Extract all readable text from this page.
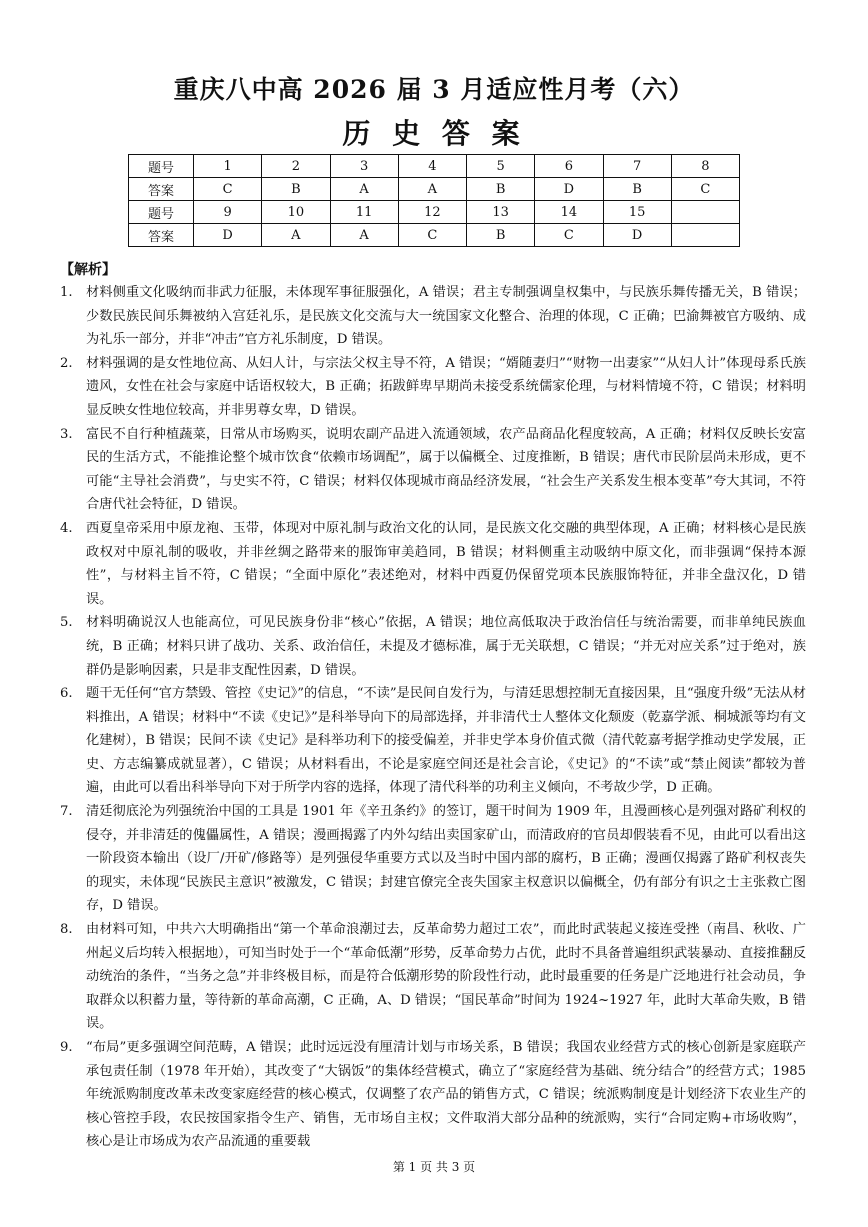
重庆八中高 2026 届 3 月适应性月考（六）
历 史 答 案
题号	1	2	3	4	5	6	7	8
答案	C	B	A	A	B	D	B	C
题号	9	10	11	12	13	14	15	
答案	D	A	A	C	B	C	D	
【解析】

1. 材料侧重文化吸纳而非武力征服，未体现军事征服强化，A 错误；君主专制强调皇权集中，与民族乐舞传播无关，B 错误；少数民族民间乐舞被纳入宫廷礼乐，是民族文化交流与大一统国家文化整合、治理的体现，C 正确；巴渝舞被官方吸纳、成为礼乐一部分，并非“冲击”官方礼乐制度，D 错误。

2. 材料强调的是女性地位高、从妇人计，与宗法父权主导不符，A 错误；“婿随妻归”“财物一出妻家”“从妇人计”体现母系氏族遗风，女性在社会与家庭中话语权较大，B 正确；拓跋鲜卑早期尚未接受系统儒家伦理，与材料情境不符，C 错误；材料明显反映女性地位较高，并非男尊女卑，D 错误。

3. 富民不自行种植蔬菜，日常从市场购买，说明农副产品进入流通领域，农产品商品化程度较高，A 正确；材料仅反映长安富民的生活方式，不能推论整个城市饮食“依赖市场调配”，属于以偏概全、过度推断，B 错误；唐代市民阶层尚未形成，更不可能“主导社会消费”，与史实不符，C 错误；材料仅体现城市商品经济发展，“社会生产关系发生根本变革”夸大其词，不符合唐代社会特征，D 错误。

4. 西夏皇帝采用中原龙袍、玉带，体现对中原礼制与政治文化的认同，是民族文化交融的典型体现，A 正确；材料核心是民族政权对中原礼制的吸收，并非丝绸之路带来的服饰审美趋同，B 错误；材料侧重主动吸纳中原文化，而非强调“保持本源性”，与材料主旨不符，C 错误；“全面中原化”表述绝对，材料中西夏仍保留党项本民族服饰特征，并非全盘汉化，D 错误。

5. 材料明确说汉人也能高位，可见民族身份非“核心”依据，A 错误；地位高低取决于政治信任与统治需要，而非单纯民族血统，B 正确；材料只讲了战功、关系、政治信任，未提及才德标准，属于无关联想，C 错误；“并无对应关系”过于绝对，族群仍是影响因素，只是非支配性因素，D 错误。

6. 题干无任何“官方禁毁、管控《史记》”的信息，“不读”是民间自发行为，与清廷思想控制无直接因果，且“强度升级”无法从材料推出，A 错误；材料中“不读《史记》”是科举导向下的局部选择，并非清代士人整体文化颓废（乾嘉学派、桐城派等均有文化建树），B 错误；民间不读《史记》是科举功利下的接受偏差，并非史学本身价值式微（清代乾嘉考据学推动史学发展，正史、方志编纂成就显著），C 错误；从材料看出，不论是家庭空间还是社会言论，《史记》的“不读”或“禁止阅读”都较为普遍，由此可以看出科举导向下对于所学内容的选择，体现了清代科举的功利主义倾向，不考故少学，D 正确。

7. 清廷彻底沦为列强统治中国的工具是 1901 年《辛丑条约》的签订，题干时间为 1909 年，且漫画核心是列强对路矿利权的侵夺，并非清廷的傀儡属性，A 错误；漫画揭露了内外勾结出卖国家矿山，而清政府的官员却假装看不见，由此可以看出这一阶段资本输出（设厂/开矿/修路等）是列强侵华重要方式以及当时中国内部的腐朽，B 正确；漫画仅揭露了路矿利权丧失的现实，未体现“民族民主意识”被激发，C 错误；封建官僚完全丧失国家主权意识以偏概全，仍有部分有识之士主张救亡图存，D 错误。

8. 由材料可知，中共六大明确指出“第一个革命浪潮过去，反革命势力超过工农”，而此时武装起义接连受挫（南昌、秋收、广州起义后均转入根据地），可知当时处于一个“革命低潮”形势，反革命势力占优，此时不具备普遍组织武装暴动、直接推翻反动统治的条件，“当务之急”并非终极目标，而是符合低潮形势的阶段性行动，此时最重要的任务是广泛地进行社会动员，争取群众以积蓄力量，等待新的革命高潮，C 正确，A、D 错误；“国民革命”时间为 1924~1927 年，此时大革命失败，B 错误。

9. “布局”更多强调空间范畴，A 错误；此时远远没有厘清计划与市场关系，B 错误；我国农业经营方式的核心创新是家庭联产承包责任制（1978 年开始），其改变了“大锅饭”的集体经营模式，确立了“家庭经营为基础、统分结合”的经营方式；1985 年统派购制度改革未改变家庭经营的核心模式，仅调整了农产品的销售方式，C 错误；统派购制度是计划经济下农业生产的核心管控手段，农民按国家指令生产、销售，无市场自主权；文件取消大部分品种的统派购，实行“合同定购+市场收购”，核心是让市场成为农产品流通的重要载

第 1 页 共 3 页
